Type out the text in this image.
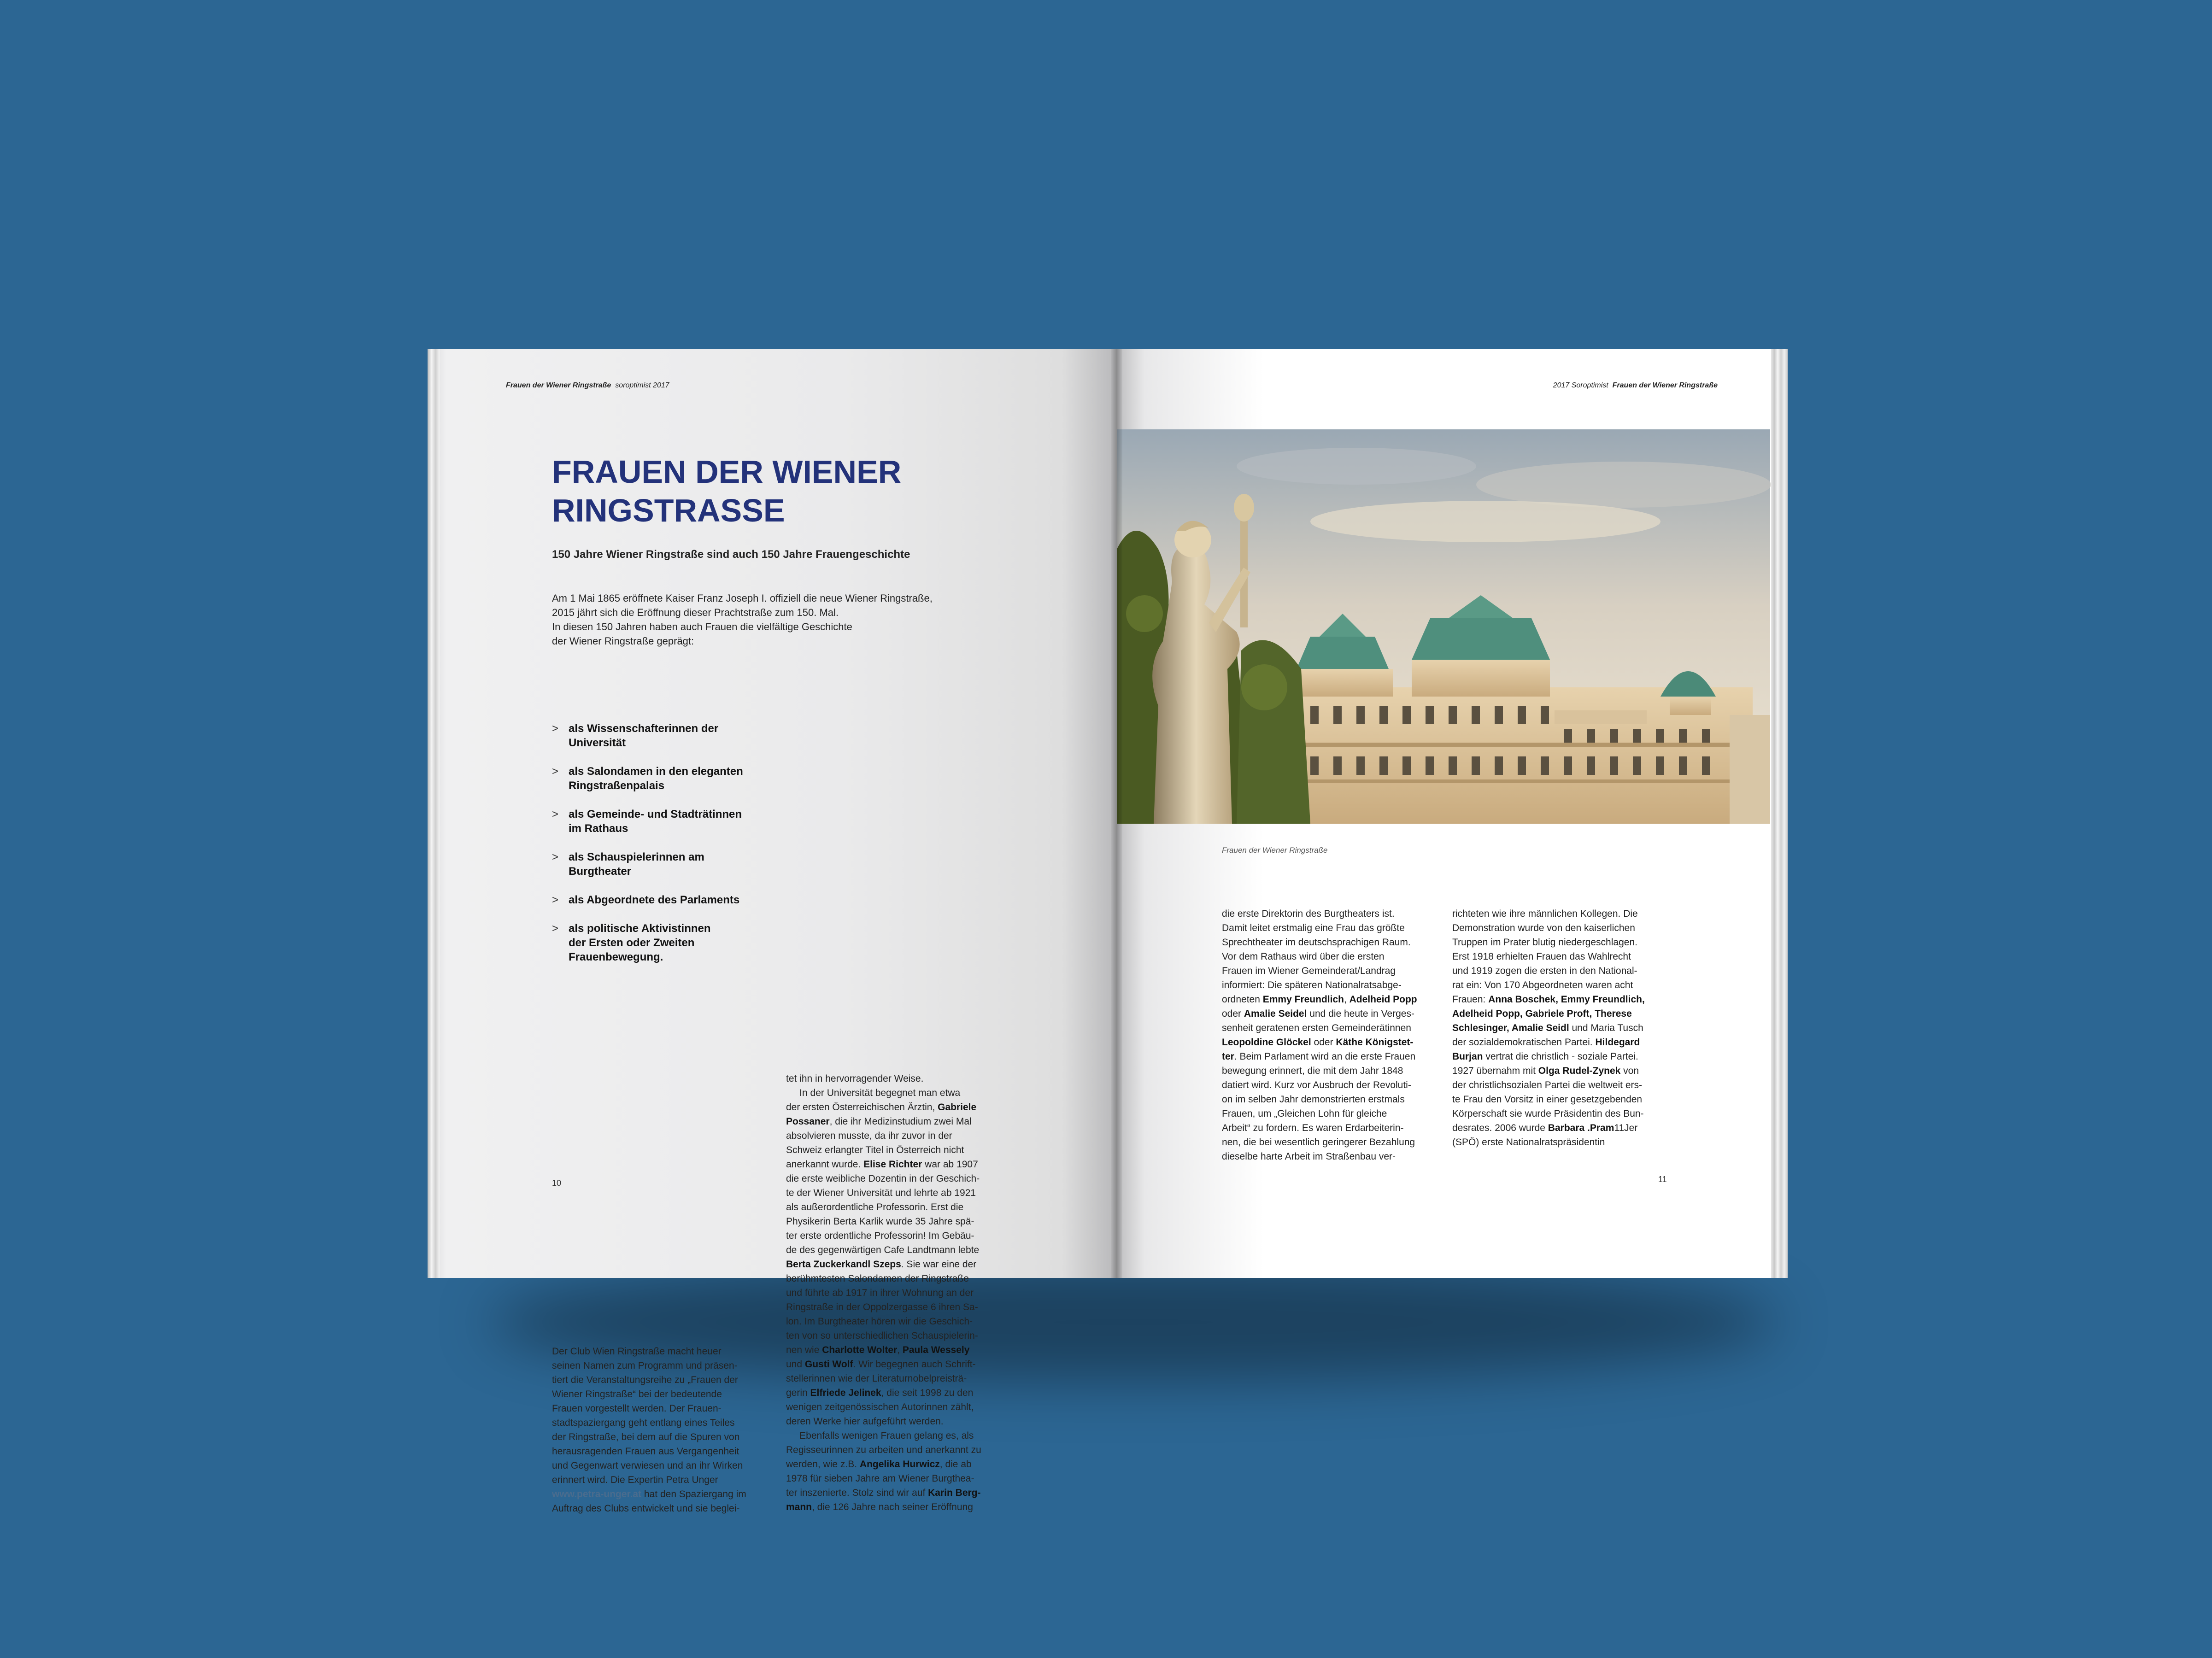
Frauen der Wiener Ringstraße soroptimist 2017
FRAUEN DER WIENER
RINGSTRASSE
150 Jahre Wiener Ringstraße sind auch 150 Jahre Frauengeschichte
Am 1 Mai 1865 eröffnete Kaiser Franz Joseph I. offiziell die neue Wiener Ringstraße,
2015 jährt sich die Eröffnung dieser Prachtstraße zum 150. Mal.
In diesen 150 Jahren haben auch Frauen die vielfältige Geschichte
der Wiener Ringstraße geprägt:
> als Wissenschafterinnen der
Universität
> als Salondamen in den eleganten
Ringstraßenpalais
> als Gemeinde- und Stadträtinnen
im Rathaus
> als Schauspielerinnen am
Burgtheater
> als Abgeordnete des Parlaments
> als politische Aktivistinnen
der Ersten oder Zweiten
Frauenbewegung.
Der Club Wien Ringstraße macht heuer
seinen Namen zum Programm und präsen-
tiert die Veranstaltungsreihe zu „Frauen der
Wiener Ringstraße“ bei der bedeutende
Frauen vorgestellt werden. Der Frauen-
stadtspaziergang geht entlang eines Teiles
der Ringstraße, bei dem auf die Spuren von
herausragenden Frauen aus Vergangenheit
und Gegenwart verwiesen und an ihr Wirken
erinnert wird. Die Expertin Petra Unger
www.petra-unger.at hat den Spaziergang im
Auftrag des Clubs entwickelt und sie beglei-
tet ihn in hervorragender Weise.
In der Universität begegnet man etwa
der ersten Österreichischen Ärztin, Gabriele
Possaner, die ihr Medizinstudium zwei Mal
absolvieren musste, da ihr zuvor in der
Schweiz erlangter Titel in Österreich nicht
anerkannt wurde. Elise Richter war ab 1907
die erste weibliche Dozentin in der Geschich-
te der Wiener Universität und lehrte ab 1921
als außerordentliche Professorin. Erst die
Physikerin Berta Karlik wurde 35 Jahre spä-
ter erste ordentliche Professorin! Im Gebäu-
de des gegenwärtigen Cafe Landtmann lebte
Berta Zuckerkandl Szeps. Sie war eine der
berühmtesten Salondamen der Ringstraße
und führte ab 1917 in ihrer Wohnung an der
Ringstraße in der Oppolzergasse 6 ihren Sa-
lon. Im Burgtheater hören wir die Geschich-
ten von so unterschiedlichen Schauspielerin-
nen wie Charlotte Wolter, Paula Wessely
und Gusti Wolf. Wir begegnen auch Schrift-
stellerinnen wie der Literaturnobelpreisträ-
gerin Elfriede Jelinek, die seit 1998 zu den
wenigen zeitgenössischen Autorinnen zählt,
deren Werke hier aufgeführt werden.
Ebenfalls wenigen Frauen gelang es, als
Regisseurinnen zu arbeiten und anerkannt zu
werden, wie z.B. Angelika Hurwicz, die ab
1978 für sieben Jahre am Wiener Burgthea-
ter inszenierte. Stolz sind wir auf Karin Berg-
mann, die 126 Jahre nach seiner Eröffnung
10
2017 Soroptimist Frauen der Wiener Ringstraße
Frauen der Wiener Ringstraße
die erste Direktorin des Burgtheaters ist.
Damit leitet erstmalig eine Frau das größte
Sprechtheater im deutschsprachigen Raum.
Vor dem Rathaus wird über die ersten
Frauen im Wiener Gemeinderat/Landrag
informiert: Die späteren Nationalratsabge-
ordneten Emmy Freundlich, Adelheid Popp
oder Amalie Seidel und die heute in Verges-
senheit geratenen ersten Gemeinderätinnen
Leopoldine Glöckel oder Käthe Königstet-
ter. Beim Parlament wird an die erste Frauen
bewegung erinnert, die mit dem Jahr 1848
datiert wird. Kurz vor Ausbruch der Revoluti-
on im selben Jahr demonstrierten erstmals
Frauen, um „Gleichen Lohn für gleiche
Arbeit“ zu fordern. Es waren Erdarbeiterin-
nen, die bei wesentlich geringerer Bezahlung
dieselbe harte Arbeit im Straßenbau ver-
richteten wie ihre männlichen Kollegen. Die
Demonstration wurde von den kaiserlichen
Truppen im Prater blutig niedergeschlagen.
Erst 1918 erhielten Frauen das Wahlrecht
und 1919 zogen die ersten in den National-
rat ein: Von 170 Abgeordneten waren acht
Frauen: Anna Boschek, Emmy Freundlich,
Adelheid Popp, Gabriele Proft, Therese
Schlesinger, Amalie Seidl und Maria Tusch
der sozialdemokratischen Partei. Hildegard
Burjan vertrat die christlich - soziale Partei.
1927 übernahm mit Olga Rudel-Zynek von
der christlichsozialen Partei die weltweit ers-
te Frau den Vorsitz in einer gesetzgebenden
Körperschaft sie wurde Präsidentin des Bun-
desrates. 2006 wurde Barbara .Pram11Jer
(SPÖ) erste Nationalratspräsidentin
11
